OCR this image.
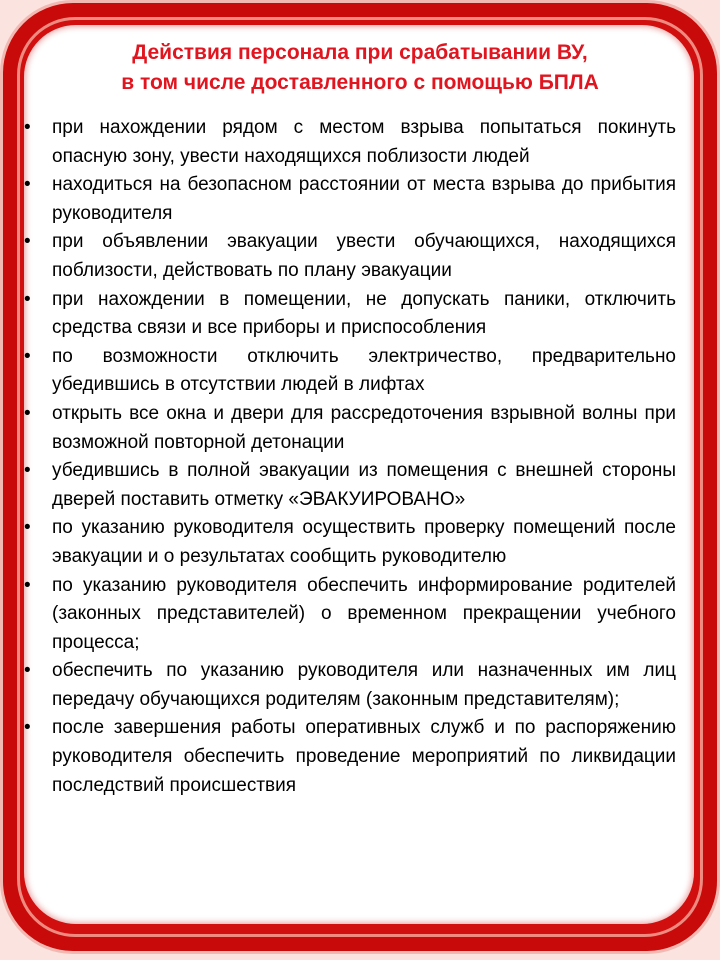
Действия персонала при срабатывании ВУ,
в том числе доставленного с помощью БПЛА
•	при нахождении рядом с местом взрыва попытаться покинуть опасную зону, увести находящихся поблизости людей
•	находиться на безопасном расстоянии от места взрыва до прибытия руководителя
•	при объявлении эвакуации увести обучающихся, находящихся поблизости, действовать по плану эвакуации
•	при нахождении в помещении, не допускать паники, отключить средства связи и все приборы и приспособления
•	по возможности отключить электричество, предварительно убедившись в отсутствии людей в лифтах
•	открыть все окна и двери для рассредоточения взрывной волны при возможной повторной детонации
•	убедившись в полной эвакуации из помещения с внешней стороны дверей поставить отметку «ЭВАКУИРОВАНО»
•	по указанию руководителя осуществить проверку помещений после эвакуации и о результатах сообщить руководителю
•	по указанию руководителя обеспечить информирование родителей (законных представителей) о временном прекращении учебного процесса;
•	обеспечить по указанию руководителя или назначенных им лиц передачу обучающихся родителям (законным представителям);
•	после завершения работы оперативных служб и по распоряжению руководителя обеспечить проведение мероприятий по ликвидации последствий происшествия
